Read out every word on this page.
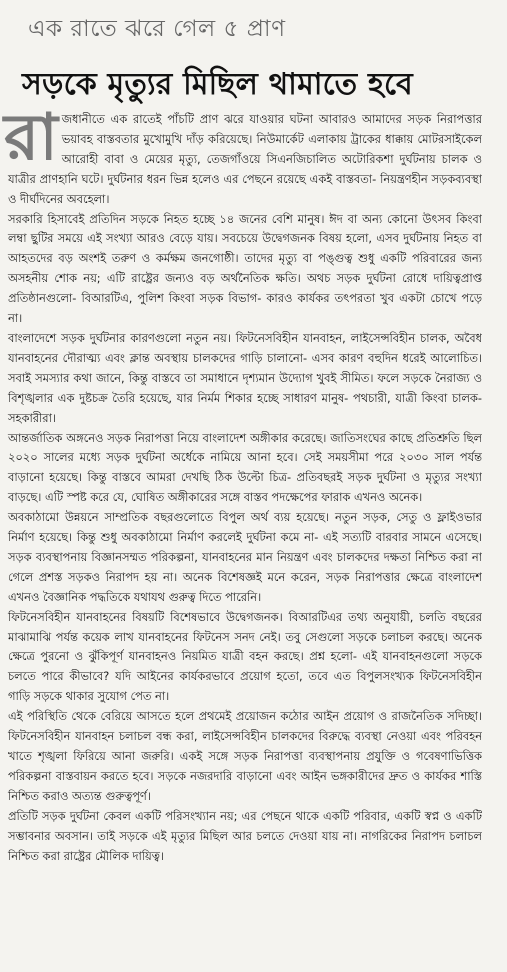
এক রাতে ঝরে গেল ৫ প্রাণ
সড়কে মৃত্যুর মিছিল থামাতে হবে

রাজধানীতে এক রাতেই পাঁচটি প্রাণ ঝরে যাওয়ার ঘটনা আবারও আমাদের সড়ক নিরাপত্তার ভয়াবহ বাস্তবতার মুখোমুখি দাঁড় করিয়েছে। নিউমার্কেট এলাকায় ট্রাকের ধাক্কায় মোটরসাইকেল আরোহী বাবা ও মেয়ের মৃত্যু, তেজগাঁওয়ে সিএনজিচালিত অটোরিকশা দুর্ঘটনায় চালক ও যাত্রীর প্রাণহানি ঘটে। দুর্ঘটনার ধরন ভিন্ন হলেও এর পেছনে রয়েছে একই বাস্তবতা- নিয়ন্ত্রণহীন সড়কব্যবস্থা ও দীর্ঘদিনের অবহেলা।

সরকারি হিসাবেই প্রতিদিন সড়কে নিহত হচ্ছে ১৪ জনের বেশি মানুষ। ঈদ বা অন্য কোনো উৎসব কিংবা লম্বা ছুটির সময়ে এই সংখ্যা আরও বেড়ে যায়। সবচেয়ে উদ্বেগজনক বিষয় হলো, এসব দুর্ঘটনায় নিহত বা আহতদের বড় অংশই তরুণ ও কর্মক্ষম জনগোষ্ঠী। তাদের মৃত্যু বা পঙ্গুত্ব শুধু একটি পরিবারের জন্য অসহনীয় শোক নয়; এটি রাষ্ট্রের জন্যও বড় অর্থনৈতিক ক্ষতি। অথচ সড়ক দুর্ঘটনা রোধে দায়িত্বপ্রাপ্ত প্রতিষ্ঠানগুলো- বিআরটিএ, পুলিশ কিংবা সড়ক বিভাগ- কারও কার্যকর তৎপরতা খুব একটা চোখে পড়ে না।

বাংলাদেশে সড়ক দুর্ঘটনার কারণগুলো নতুন নয়। ফিটনেসবিহীন যানবাহন, লাইসেন্সবিহীন চালক, অবৈধ যানবাহনের দৌরাত্ম্য এবং ক্লান্ত অবস্থায় চালকদের গাড়ি চালানো- এসব কারণ বহুদিন ধরেই আলোচিত। সবাই সমস্যার কথা জানে, কিন্তু বাস্তবে তা সমাধানে দৃশ্যমান উদ্যোগ খুবই সীমিত। ফলে সড়কে নৈরাজ্য ও বিশৃঙ্খলার এক দুষ্টচক্র তৈরি হয়েছে, যার নির্মম শিকার হচ্ছে সাধারণ মানুষ- পথচারী, যাত্রী কিংবা চালক-সহকারীরা।

আন্তর্জাতিক অঙ্গনেও সড়ক নিরাপত্তা নিয়ে বাংলাদেশ অঙ্গীকার করেছে। জাতিসংঘের কাছে প্রতিশ্রুতি ছিল ২০২০ সালের মধ্যে সড়ক দুর্ঘটনা অর্ধেকে নামিয়ে আনা হবে। সেই সময়সীমা পরে ২০৩০ সাল পর্যন্ত বাড়ানো হয়েছে। কিন্তু বাস্তবে আমরা দেখছি ঠিক উল্টো চিত্র- প্রতিবছরই সড়ক দুর্ঘটনা ও মৃত্যুর সংখ্যা বাড়ছে। এটি স্পষ্ট করে যে, ঘোষিত অঙ্গীকারের সঙ্গে বাস্তব পদক্ষেপের ফারাক এখনও অনেক।

অবকাঠামো উন্নয়নে সাম্প্রতিক বছরগুলোতে বিপুল অর্থ ব্যয় হয়েছে। নতুন সড়ক, সেতু ও ফ্লাইওভার নির্মাণ হয়েছে। কিন্তু শুধু অবকাঠামো নির্মাণ করলেই দুর্ঘটনা কমে না- এই সত্যটি বারবার সামনে এসেছে। সড়ক ব্যবস্থাপনায় বিজ্ঞানসম্মত পরিকল্পনা, যানবাহনের মান নিয়ন্ত্রণ এবং চালকদের দক্ষতা নিশ্চিত করা না গেলে প্রশস্ত সড়কও নিরাপদ হয় না। অনেক বিশেষজ্ঞই মনে করেন, সড়ক নিরাপত্তার ক্ষেত্রে বাংলাদেশ এখনও বৈজ্ঞানিক পদ্ধতিকে যথাযথ গুরুত্ব দিতে পারেনি।

ফিটনেসবিহীন যানবাহনের বিষয়টি বিশেষভাবে উদ্বেগজনক। বিআরটিএর তথ্য অনুযায়ী, চলতি বছরের মাঝামাঝি পর্যন্ত কয়েক লাখ যানবাহনের ফিটনেস সনদ নেই। তবু সেগুলো সড়কে চলাচল করছে। অনেক ক্ষেত্রে পুরনো ও ঝুঁকিপূর্ণ যানবাহনও নিয়মিত যাত্রী বহন করছে। প্রশ্ন হলো- এই যানবাহনগুলো সড়কে চলতে পারে কীভাবে? যদি আইনের কার্যকরভাবে প্রয়োগ হতো, তবে এত বিপুলসংখ্যক ফিটনেসবিহীন গাড়ি সড়কে থাকার সুযোগ পেত না।

এই পরিস্থিতি থেকে বেরিয়ে আসতে হলে প্রথমেই প্রয়োজন কঠোর আইন প্রয়োগ ও রাজনৈতিক সদিচ্ছা। ফিটনেসবিহীন যানবাহন চলাচল বন্ধ করা, লাইসেন্সবিহীন চালকদের বিরুদ্ধে ব্যবস্থা নেওয়া এবং পরিবহন খাতে শৃঙ্খলা ফিরিয়ে আনা জরুরি। একই সঙ্গে সড়ক নিরাপত্তা ব্যবস্থাপনায় প্রযুক্তি ও গবেষণাভিত্তিক পরিকল্পনা বাস্তবায়ন করতে হবে। সড়কে নজরদারি বাড়ানো এবং আইন ভঙ্গকারীদের দ্রুত ও কার্যকর শাস্তি নিশ্চিত করাও অত্যন্ত গুরুত্বপূর্ণ।

প্রতিটি সড়ক দুর্ঘটনা কেবল একটি পরিসংখ্যান নয়; এর পেছনে থাকে একটি পরিবার, একটি স্বপ্ন ও একটি সম্ভাবনার অবসান। তাই সড়কে এই মৃত্যুর মিছিল আর চলতে দেওয়া যায় না। নাগরিকের নিরাপদ চলাচল নিশ্চিত করা রাষ্ট্রের মৌলিক দায়িত্ব।
